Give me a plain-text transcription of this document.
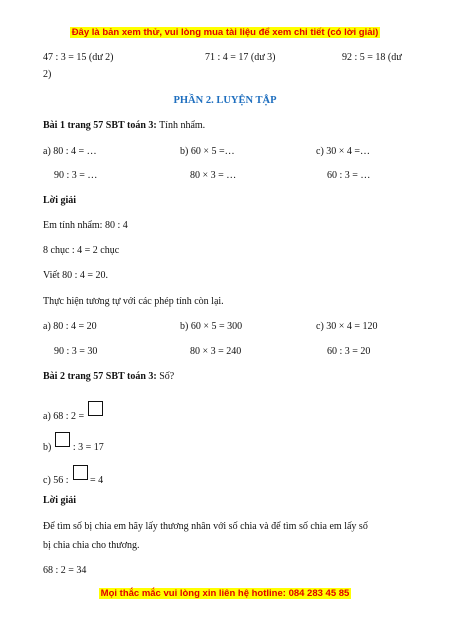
Đây là bản xem thử, vui lòng mua tài liệu để xem chi tiết (có lời giải)
47 : 3 = 15 (dư 2)	71 : 4 = 17 (dư 3)	92 : 5 = 18 (dư
2)
PHẦN 2. LUYỆN TẬP
Bài 1 trang 57 SBT toán 3: Tính nhẩm.
a) 80 : 4 = …	b) 60 × 5 =…	c) 30 × 4 =…
90 : 3 = …	80 × 3 = …	60 : 3 = …
Lời giải
Em tính nhẩm: 80 : 4
8 chục : 4 = 2 chục
Viết 80 : 4 = 20.
Thực hiện tương tự với các phép tính còn lại.
a) 80 : 4 = 20	b) 60 × 5 = 300	c) 30 × 4 = 120
90 : 3 = 30	80 × 3 = 240	60 : 3 = 20
Bài 2 trang 57 SBT toán 3: Số?
a) 68 : 2 =
b) : 3 = 17
c) 56 : = 4
Lời giải
Để tìm số bị chia em hãy lấy thương nhân với số chia và để tìm số chia em lấy số
bị chia chia cho thương.
68 : 2 = 34
Mọi thắc mắc vui lòng xin liên hệ hotline: 084 283 45 85
